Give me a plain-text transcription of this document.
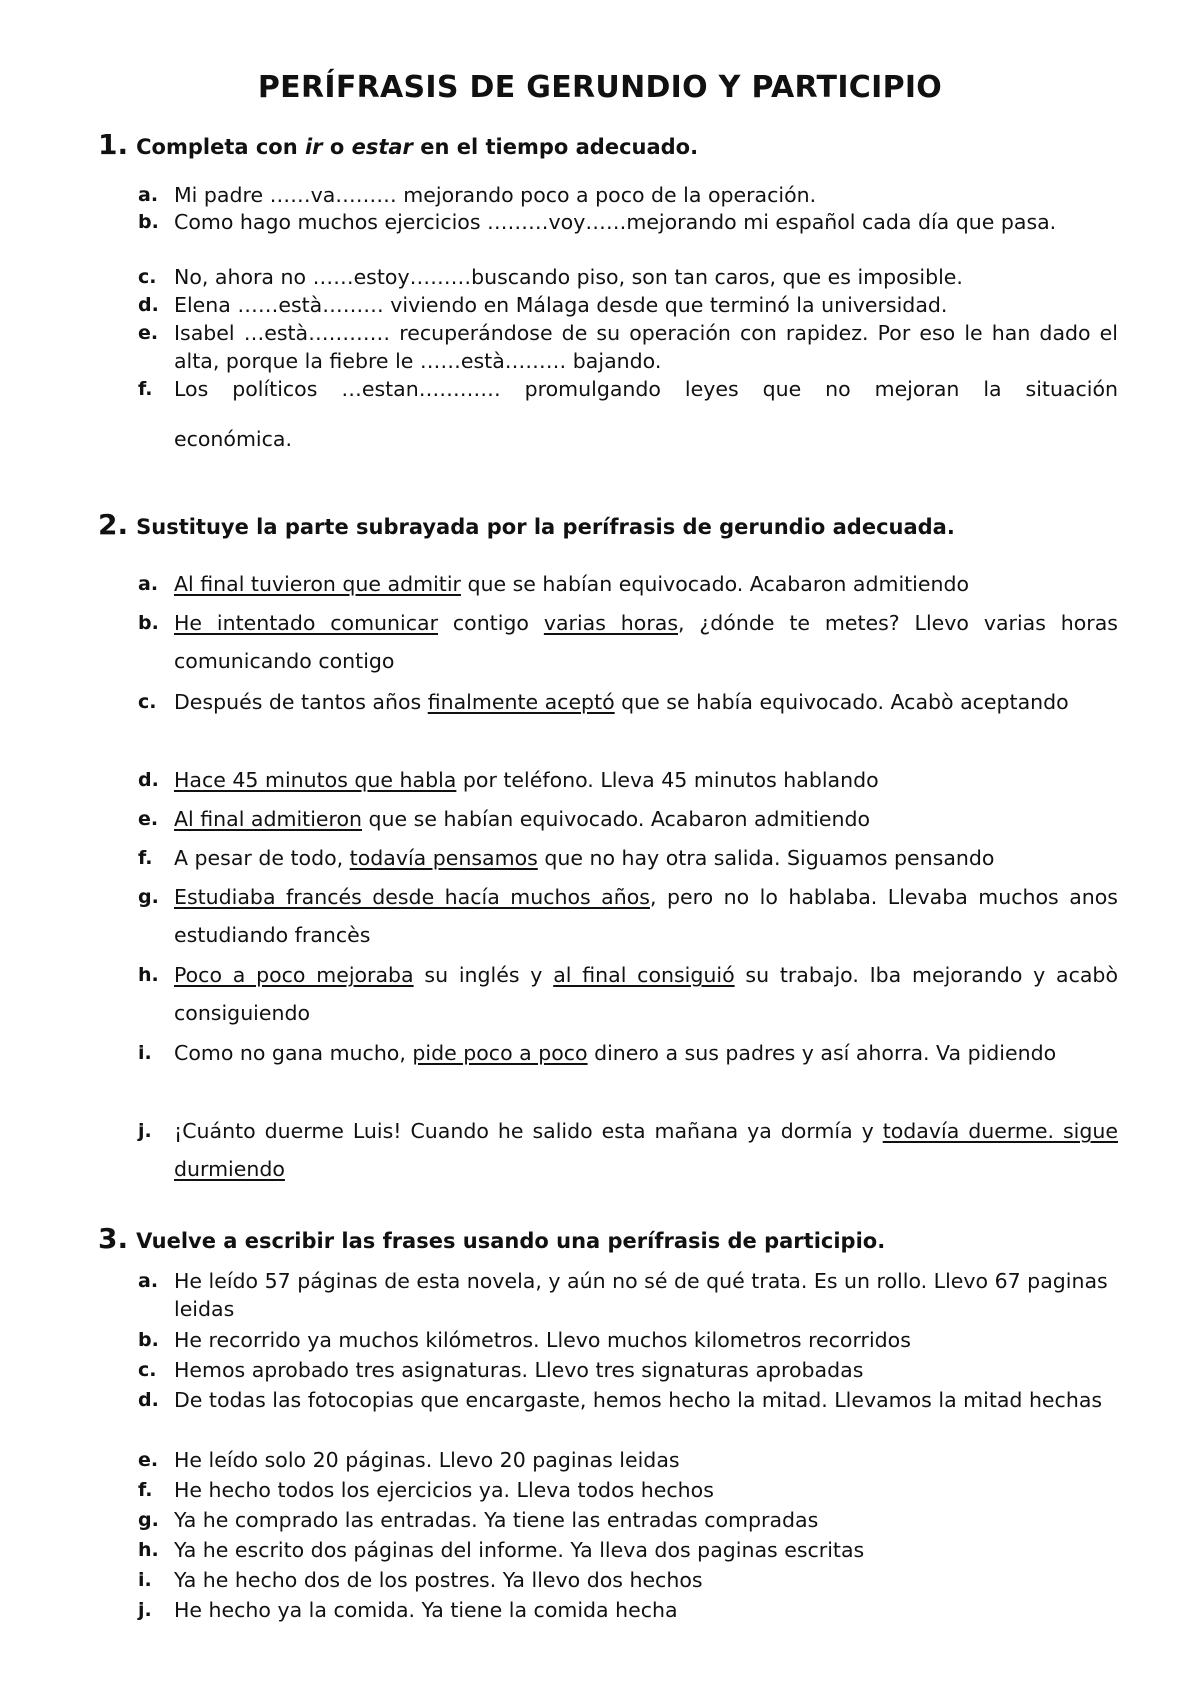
PERÍFRASIS DE GERUNDIO Y PARTICIPIO
1. Completa con ir o estar en el tiempo adecuado.
a. Mi padre ……va……… mejorando poco a poco de la operación.
b. Como hago muchos ejercicios ………voy……mejorando mi español cada día que pasa.
c. No, ahora no ……estoy………buscando piso, son tan caros, que es imposible.
d. Elena ……està……… viviendo en Málaga desde que terminó la universidad.
e. Isabel …està………… recuperándose de su operación con rapidez. Por eso le han dado el alta, porque la fiebre le ……està……… bajando.
f. Los políticos …estan………… promulgando leyes que no mejoran la situación
económica.
2. Sustituye la parte subrayada por la perífrasis de gerundio adecuada.
a. Al final tuvieron que admitir que se habían equivocado. Acabaron admitiendo
b. He intentado comunicar contigo varias horas, ¿dónde te metes? Llevo varias horas comunicando contigo
c. Después de tantos años finalmente aceptó que se había equivocado. Acabò aceptando
d. Hace 45 minutos que habla por teléfono. Lleva 45 minutos hablando
e. Al final admitieron que se habían equivocado. Acabaron admitiendo
f. A pesar de todo, todavía pensamos que no hay otra salida. Siguamos pensando
g. Estudiaba francés desde hacía muchos años, pero no lo hablaba. Llevaba muchos anos estudiando francès
h. Poco a poco mejoraba su inglés y al final consiguió su trabajo. Iba mejorando y acabò consiguiendo
i. Como no gana mucho, pide poco a poco dinero a sus padres y así ahorra. Va pidiendo
j. ¡Cuánto duerme Luis! Cuando he salido esta mañana ya dormía y todavía duerme. sigue durmiendo
3. Vuelve a escribir las frases usando una perífrasis de participio.
a. He leído 57 páginas de esta novela, y aún no sé de qué trata. Es un rollo. Llevo 67 paginas leidas
b. He recorrido ya muchos kilómetros. Llevo muchos kilometros recorridos
c. Hemos aprobado tres asignaturas. Llevo tres signaturas aprobadas
d. De todas las fotocopias que encargaste, hemos hecho la mitad. Llevamos la mitad hechas
e. He leído solo 20 páginas. Llevo 20 paginas leidas
f. He hecho todos los ejercicios ya. Lleva todos hechos
g. Ya he comprado las entradas. Ya tiene las entradas compradas
h. Ya he escrito dos páginas del informe. Ya lleva dos paginas escritas
i. Ya he hecho dos de los postres. Ya llevo dos hechos
j. He hecho ya la comida. Ya tiene la comida hecha
